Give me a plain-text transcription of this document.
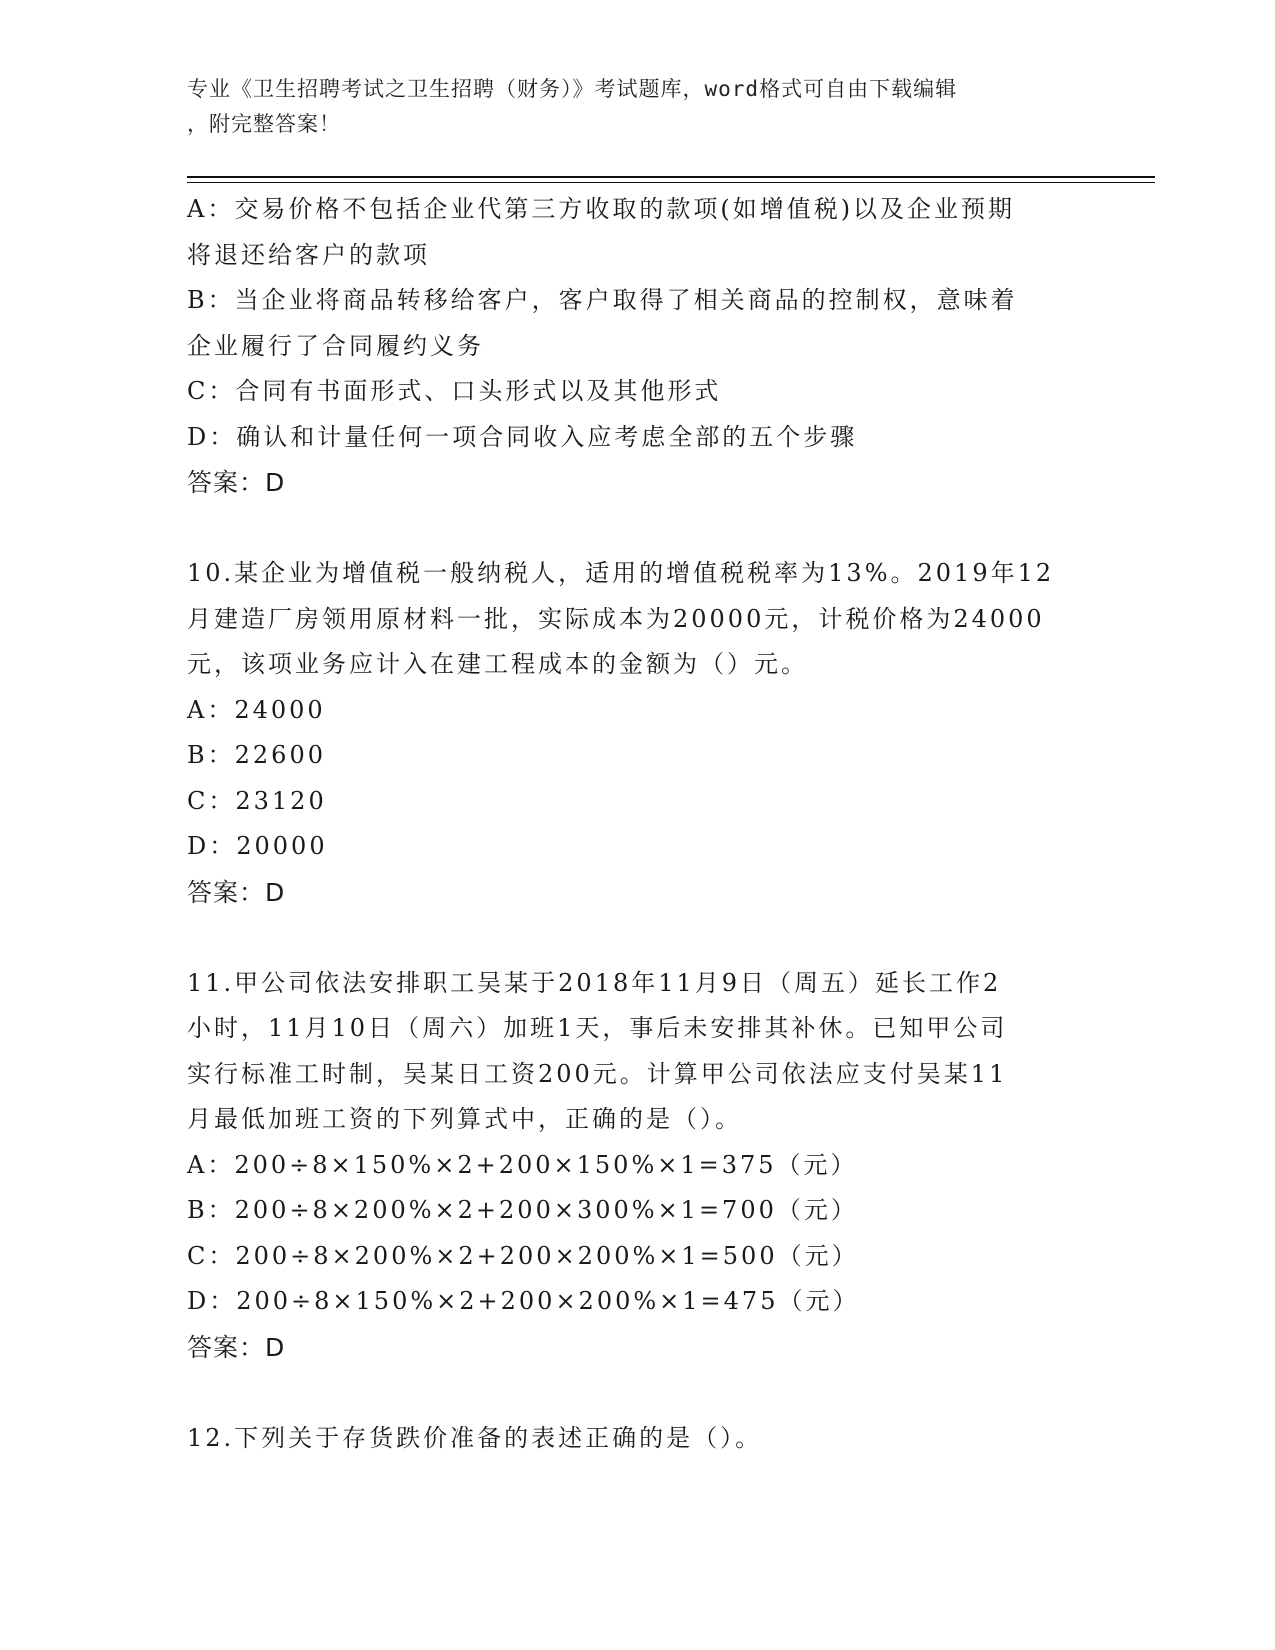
专业《卫生招聘考试之卫生招聘（财务）》考试题库，word格式可自由下载编辑
，附完整答案！
A：交易价格不包括企业代第三方收取的款项(如增值税)以及企业预期
将退还给客户的款项
B：当企业将商品转移给客户，客户取得了相关商品的控制权，意味着
企业履行了合同履约义务
C：合同有书面形式、口头形式以及其他形式
D：确认和计量任何一项合同收入应考虑全部的五个步骤
答案：D
10.某企业为增值税一般纳税人，适用的增值税税率为13%。2019年12
月建造厂房领用原材料一批，实际成本为20000元，计税价格为24000
元，该项业务应计入在建工程成本的金额为（）元。
A：24000
B：22600
C：23120
D：20000
答案：D
11.甲公司依法安排职工吴某于2018年11月9日（周五）延长工作2
小时，11月10日（周六）加班1天，事后未安排其补休。已知甲公司
实行标准工时制，吴某日工资200元。计算甲公司依法应支付吴某11
月最低加班工资的下列算式中，正确的是（）。
A：200÷8×150%×2+200×150%×1=375（元）
B：200÷8×200%×2+200×300%×1=700（元）
C：200÷8×200%×2+200×200%×1=500（元）
D：200÷8×150%×2+200×200%×1=475（元）
答案：D
12.下列关于存货跌价准备的表述正确的是（）。
